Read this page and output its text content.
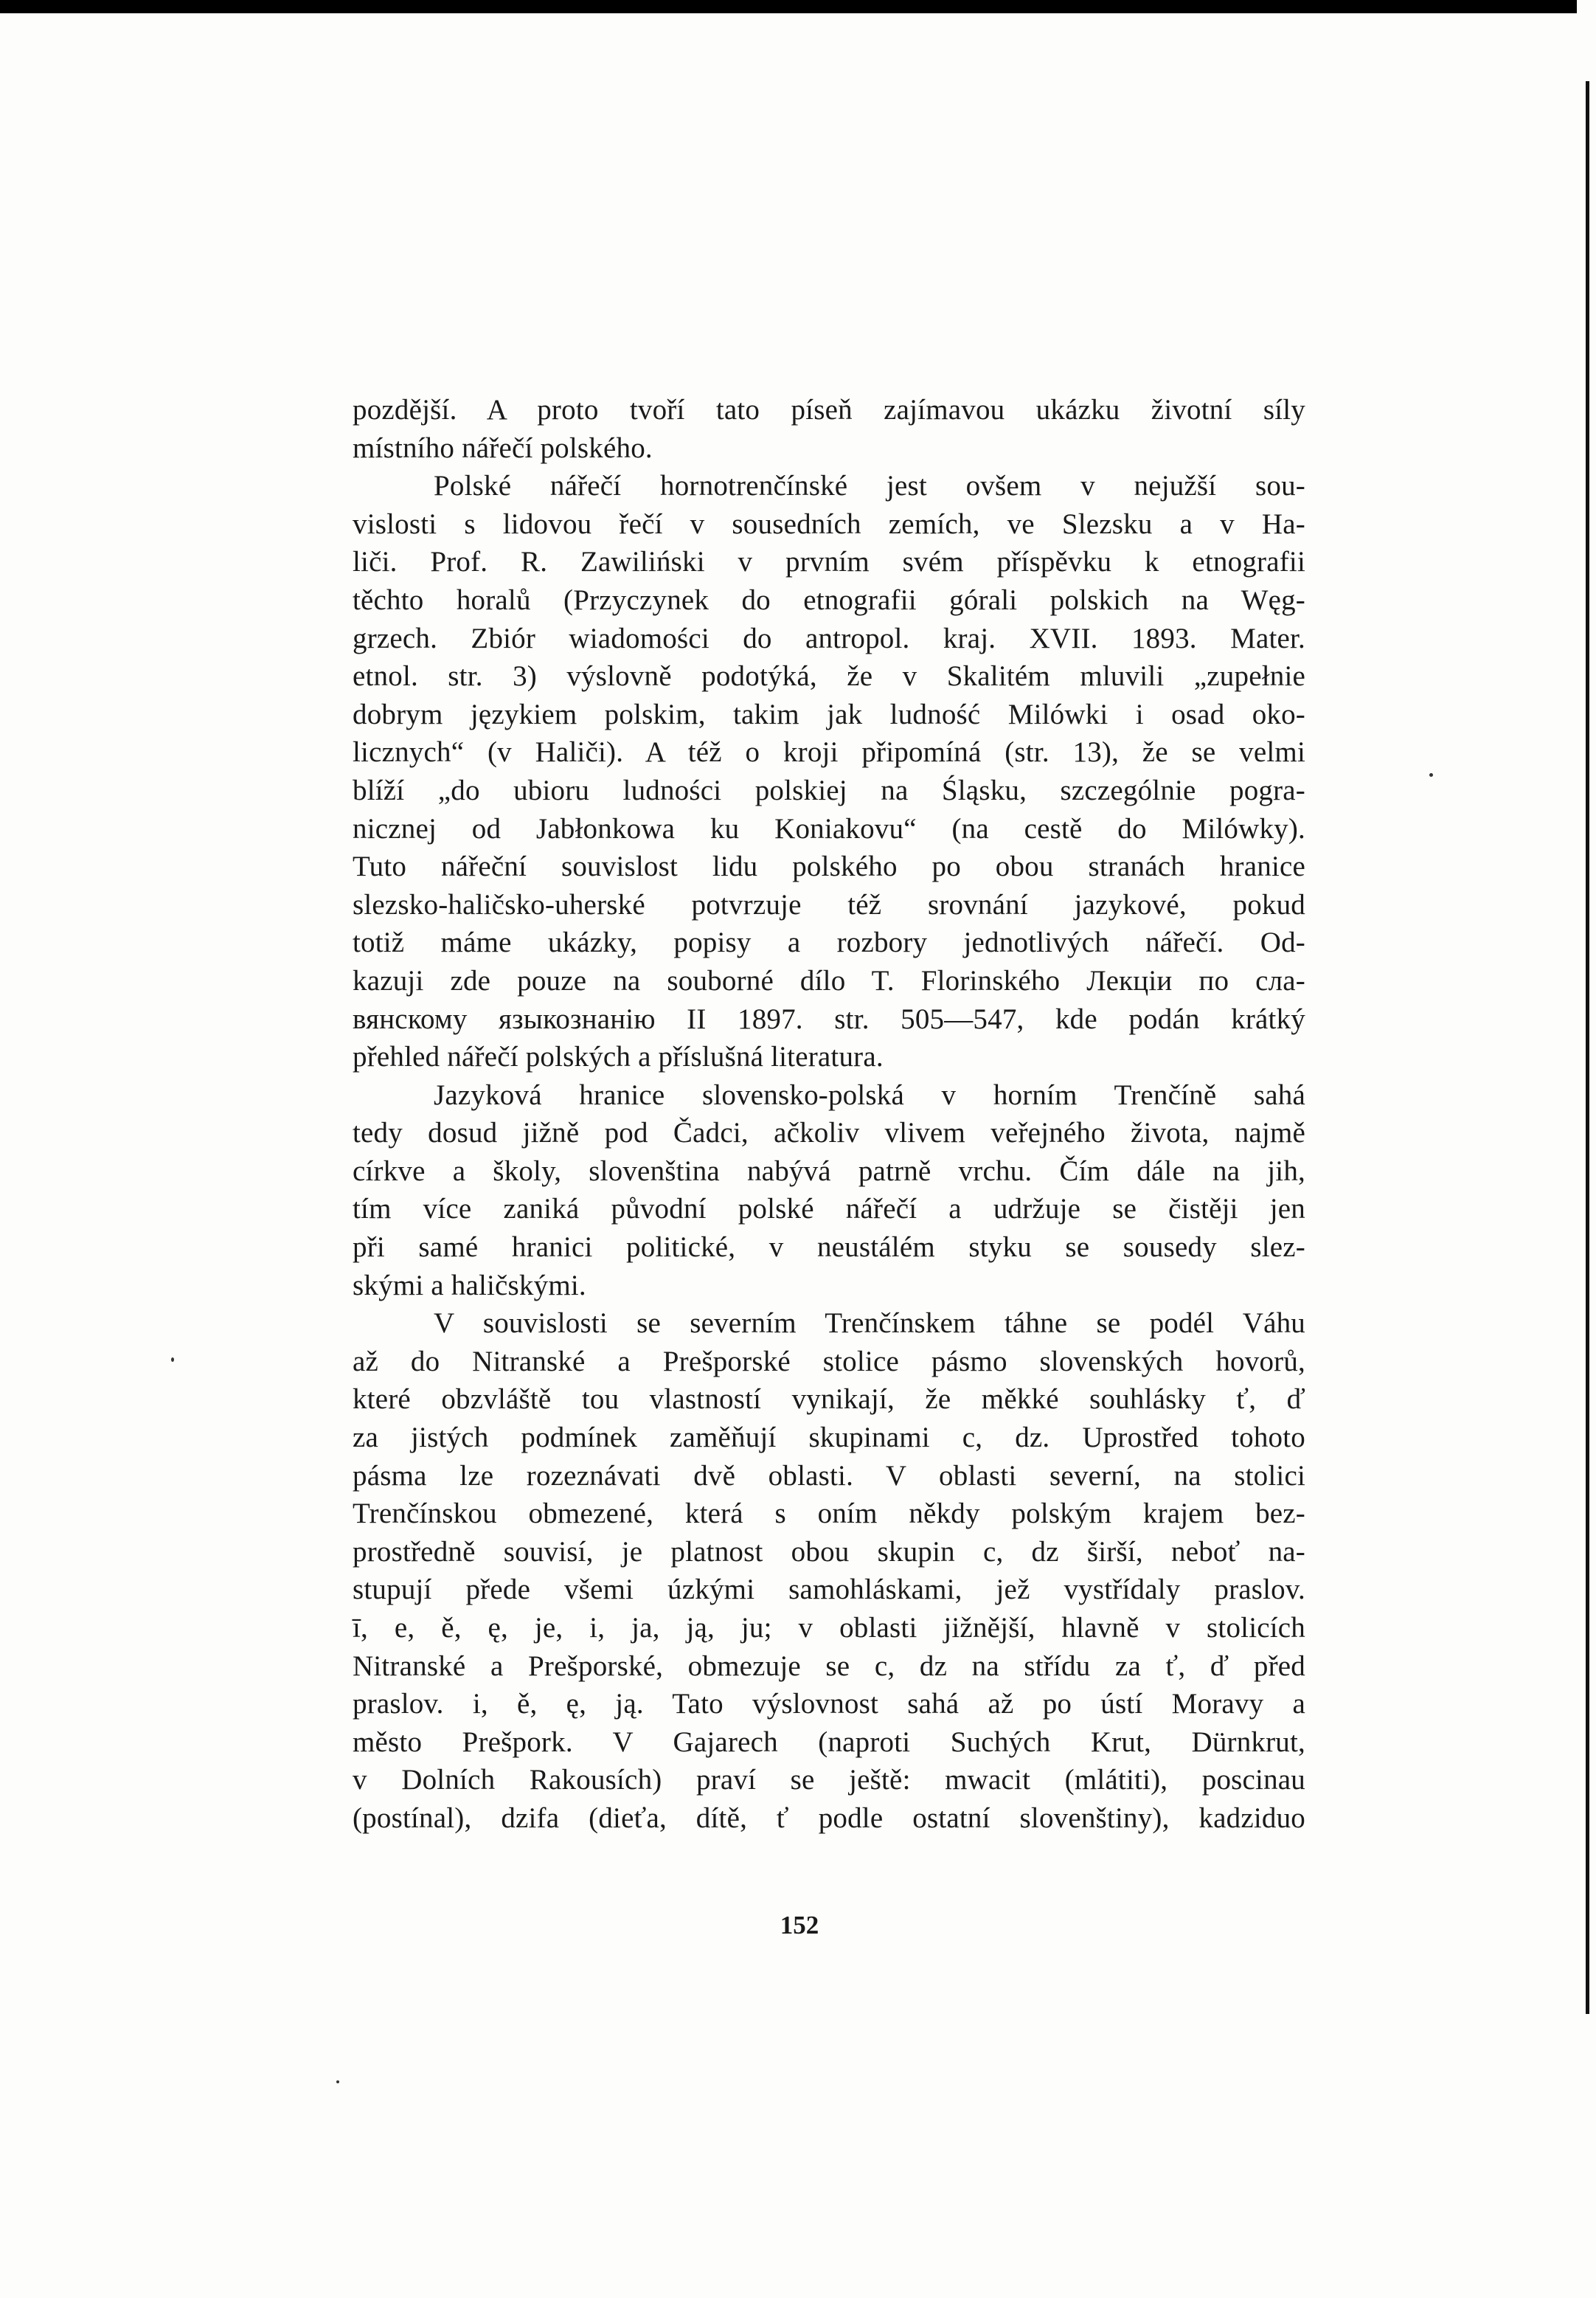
pozdější. A proto tvoří tato píseň zajímavou ukázku životní síly
místního nářečí polského.
Polské nářečí hornotrenčínské jest ovšem v nejužší sou-
vislosti s lidovou řečí v sousedních zemích, ve Slezsku a v Ha-
liči. Prof. R. Zawiliński v prvním svém příspěvku k etnografii
těchto horalů (Przyczynek do etnografii górali polskich na Węg-
grzech. Zbiór wiadomości do antropol. kraj. XVII. 1893. Mater.
etnol. str. 3) výslovně podotýká, že v Skalitém mluvili „zupełnie
dobrym językiem polskim, takim jak ludność Milówki i osad oko-
licznych“ (v Haliči). A též o kroji připomíná (str. 13), že se velmi
blíží „do ubioru ludności polskiej na Śląsku, szczególnie pogra-
nicznej od Jabłonkowa ku Koniakovu“ (na cestě do Milówky).
Tuto nářeční souvislost lidu polského po obou stranách hranice
slezsko-haličsko-uherské potvrzuje též srovnání jazykové, pokud
totiž máme ukázky, popisy a rozbory jednotlivých nářečí. Od-
kazuji zde pouze na souborné dílo T. Florinského Лекціи по сла-
вянскому языкознанію II 1897. str. 505—547, kde podán krátký
přehled nářečí polských a příslušná literatura.
Jazyková hranice slovensko-polská v horním Trenčíně sahá
tedy dosud jižně pod Čadci, ačkoliv vlivem veřejného života, najmě
církve a školy, slovenština nabývá patrně vrchu. Čím dále na jih,
tím více zaniká původní polské nářečí a udržuje se čistěji jen
při samé hranici politické, v neustálém styku se sousedy slez-
skými a haličskými.
V souvislosti se severním Trenčínskem táhne se podél Váhu
až do Nitranské a Prešporské stolice pásmo slovenských hovorů,
které obzvláště tou vlastností vynikají, že měkké souhlásky ť, ď
za jistých podmínek zaměňují skupinami c, dz. Uprostřed tohoto
pásma lze rozeznávati dvě oblasti. V oblasti severní, na stolici
Trenčínskou obmezené, která s oním někdy polským krajem bez-
prostředně souvisí, je platnost obou skupin c, dz širší, neboť na-
stupují přede všemi úzkými samohláskami, jež vystřídaly praslov.
ī, e, ě, ę, je, i, ja, ją, ju; v oblasti jižnější, hlavně v stolicích
Nitranské a Prešporské, obmezuje se c, dz na střídu za ť, ď před
praslov. i, ě, ę, ją. Tato výslovnost sahá až po ústí Moravy a
město Prešpork. V Gajarech (naproti Suchých Krut, Dürnkrut,
v Dolních Rakousích) praví se ještě: mwacit (mlátiti), poscinau
(postínal), dzifa (dieťa, dítě, ť podle ostatní slovenštiny), kadziduo
152
